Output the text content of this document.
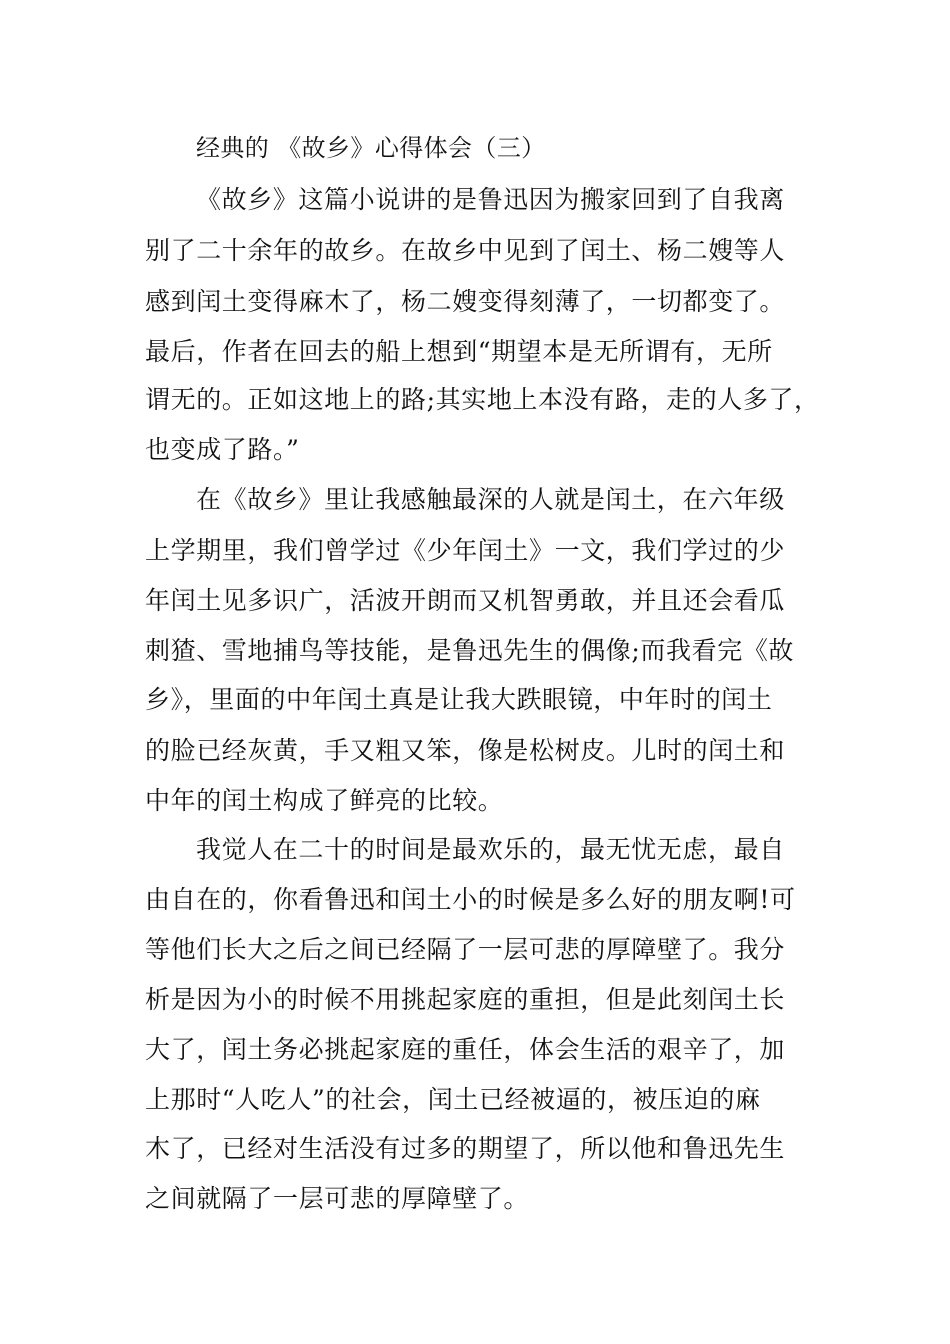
经典的 《故乡》心得体会（三）
《故乡》这篇小说讲的是鲁迅因为搬家回到了自我离
别了二十余年的故乡。在故乡中见到了闰土、杨二嫂等人
感到闰土变得麻木了，杨二嫂变得刻薄了，一切都变了。
最后，作者在回去的船上想到“期望本是无所谓有，无所
谓无的。正如这地上的路;其实地上本没有路，走的人多了，
也变成了路。”
在《故乡》里让我感触最深的人就是闰土，在六年级
上学期里，我们曾学过《少年闰土》一文，我们学过的少
年闰土见多识广，活波开朗而又机智勇敢，并且还会看瓜
刺猹、雪地捕鸟等技能，是鲁迅先生的偶像;而我看完《故
乡》，里面的中年闰土真是让我大跌眼镜，中年时的闰土
的脸已经灰黄，手又粗又笨，像是松树皮。儿时的闰土和
中年的闰土构成了鲜亮的比较。
我觉人在二十的时间是最欢乐的，最无忧无虑，最自
由自在的，你看鲁迅和闰土小的时候是多么好的朋友啊!可
等他们长大之后之间已经隔了一层可悲的厚障壁了。我分
析是因为小的时候不用挑起家庭的重担，但是此刻闰土长
大了，闰土务必挑起家庭的重任，体会生活的艰辛了，加
上那时“人吃人”的社会，闰土已经被逼的，被压迫的麻
木了，已经对生活没有过多的期望了，所以他和鲁迅先生
之间就隔了一层可悲的厚障壁了。
